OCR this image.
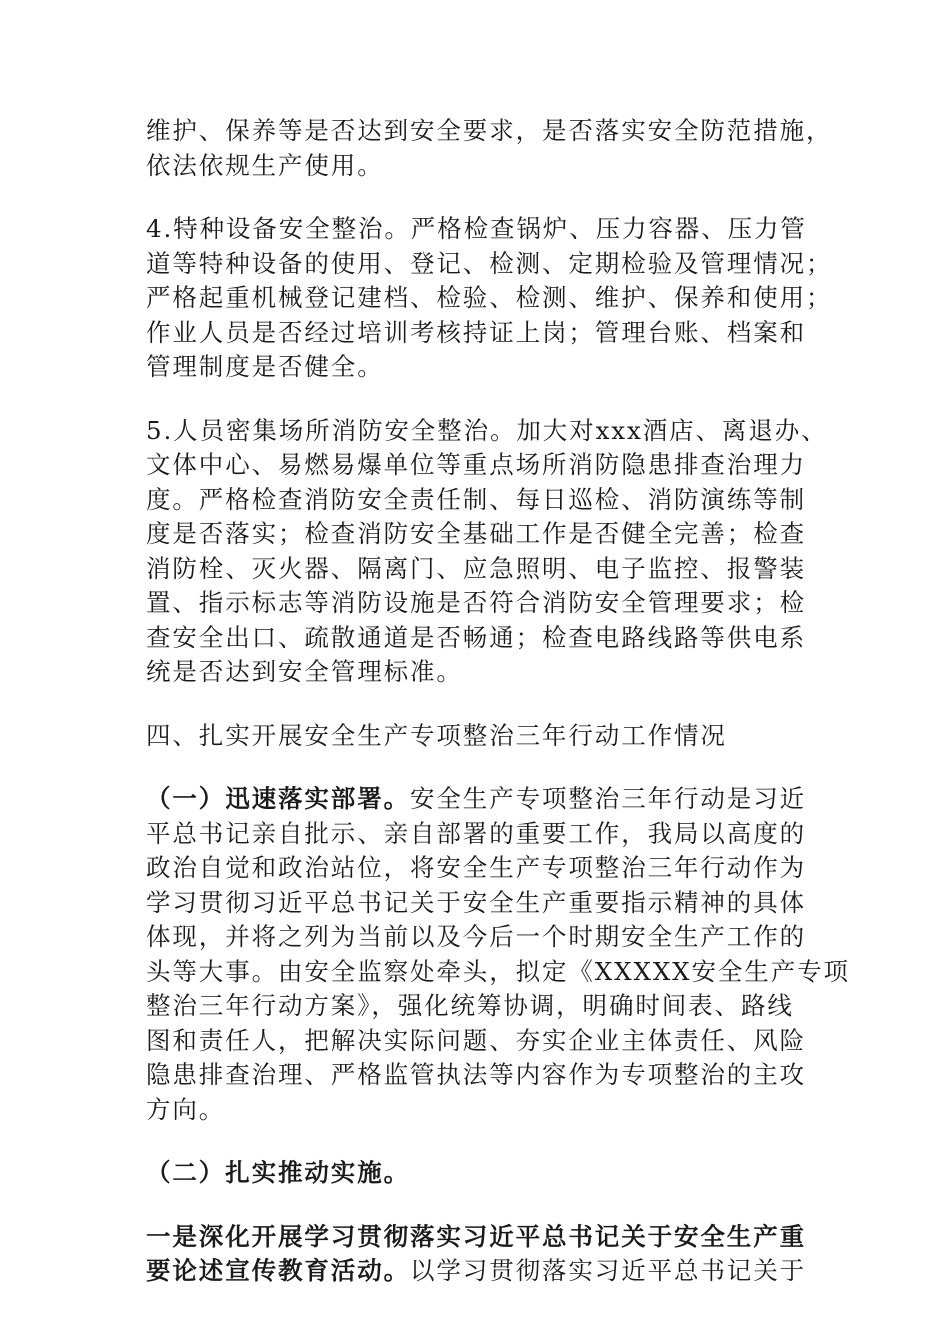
维护、保养等是否达到安全要求，是否落实安全防范措施，
依法依规生产使用。

4.特种设备安全整治。严格检查锅炉、压力容器、压力管
道等特种设备的使用、登记、检测、定期检验及管理情况；
严格起重机械登记建档、检验、检测、维护、保养和使用；
作业人员是否经过培训考核持证上岗；管理台账、档案和
管理制度是否健全。

5.人员密集场所消防安全整治。加大对xxx酒店、离退办、
文体中心、易燃易爆单位等重点场所消防隐患排查治理力
度。严格检查消防安全责任制、每日巡检、消防演练等制
度是否落实；检查消防安全基础工作是否健全完善；检查
消防栓、灭火器、隔离门、应急照明、电子监控、报警装
置、指示标志等消防设施是否符合消防安全管理要求；检
查安全出口、疏散通道是否畅通；检查电路线路等供电系
统是否达到安全管理标准。

四、扎实开展安全生产专项整治三年行动工作情况

（一）迅速落实部署。安全生产专项整治三年行动是习近
平总书记亲自批示、亲自部署的重要工作，我局以高度的
政治自觉和政治站位，将安全生产专项整治三年行动作为
学习贯彻习近平总书记关于安全生产重要指示精神的具体
体现，并将之列为当前以及今后一个时期安全生产工作的
头等大事。由安全监察处牵头，拟定《XXXXX安全生产专项
整治三年行动方案》，强化统筹协调，明确时间表、路线
图和责任人，把解决实际问题、夯实企业主体责任、风险
隐患排查治理、严格监管执法等内容作为专项整治的主攻
方向。

（二）扎实推动实施。

一是深化开展学习贯彻落实习近平总书记关于安全生产重
要论述宣传教育活动。以学习贯彻落实习近平总书记关于
